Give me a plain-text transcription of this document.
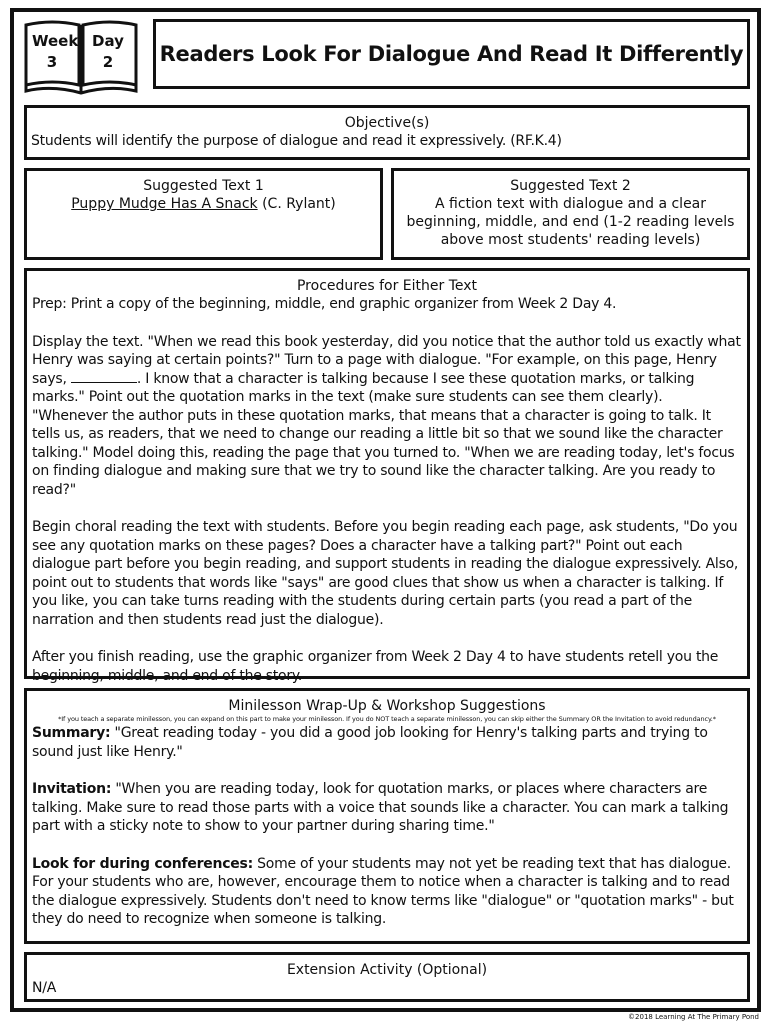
Week
3
Day
2	Readers Look For Dialogue And Read It Differently
Objective(s)
Students will identify the purpose of dialogue and read it expressively. (RF.K.4)
Suggested Text 1
Puppy Mudge Has A Snack (C. Rylant)
Suggested Text 2
A fiction text with dialogue and a clear beginning, middle, and end (1-2 reading levels above most students' reading levels)
Procedures for Either Text
Prep: Print a copy of the beginning, middle, end graphic organizer from Week 2 Day 4.
Display the text. "When we read this book yesterday, did you notice that the author told us exactly what Henry was saying at certain points?" Turn to a page with dialogue. "For example, on this page, Henry says,	. I know that a character is talking because I see these quotation marks, or talking marks." Point out the quotation marks in the text (make sure students can see them clearly). "Whenever the author puts in these quotation marks, that means that a character is going to talk. It tells us, as readers, that we need to change our reading a little bit so that we sound like the character talking." Model doing this, reading the page that you turned to. "When we are reading today, let's focus on finding dialogue and making sure that we try to sound like the character talking. Are you ready to read?"
Begin choral reading the text with students. Before you begin reading each page, ask students, "Do you see any quotation marks on these pages? Does a character have a talking part?" Point out each dialogue part before you begin reading, and support students in reading the dialogue expressively. Also, point out to students that words like "says" are good clues that show us when a character is talking. If you like, you can take turns reading with the students during certain parts (you read a part of the narration and then students read just the dialogue).
After you finish reading, use the graphic organizer from Week 2 Day 4 to have students retell you the beginning, middle, and end of the story.
Minilesson Wrap-Up & Workshop Suggestions
*If you teach a separate minilesson, you can expand on this part to make your minilesson. If you do NOT teach a separate minilesson, you can skip either the Summary OR the Invitation to avoid redundancy.*
Summary: "Great reading today - you did a good job looking for Henry's talking parts and trying to sound just like Henry."
Invitation: "When you are reading today, look for quotation marks, or places where characters are talking. Make sure to read those parts with a voice that sounds like a character. You can mark a talking part with a sticky note to show to your partner during sharing time."
Look for during conferences: Some of your students may not yet be reading text that has dialogue. For your students who are, however, encourage them to notice when a character is talking and to read the dialogue expressively. Students don't need to know terms like "dialogue" or "quotation marks" - but they do need to recognize when someone is talking.
Extension Activity (Optional)
N/A
©2018 Learning At The Primary Pond
